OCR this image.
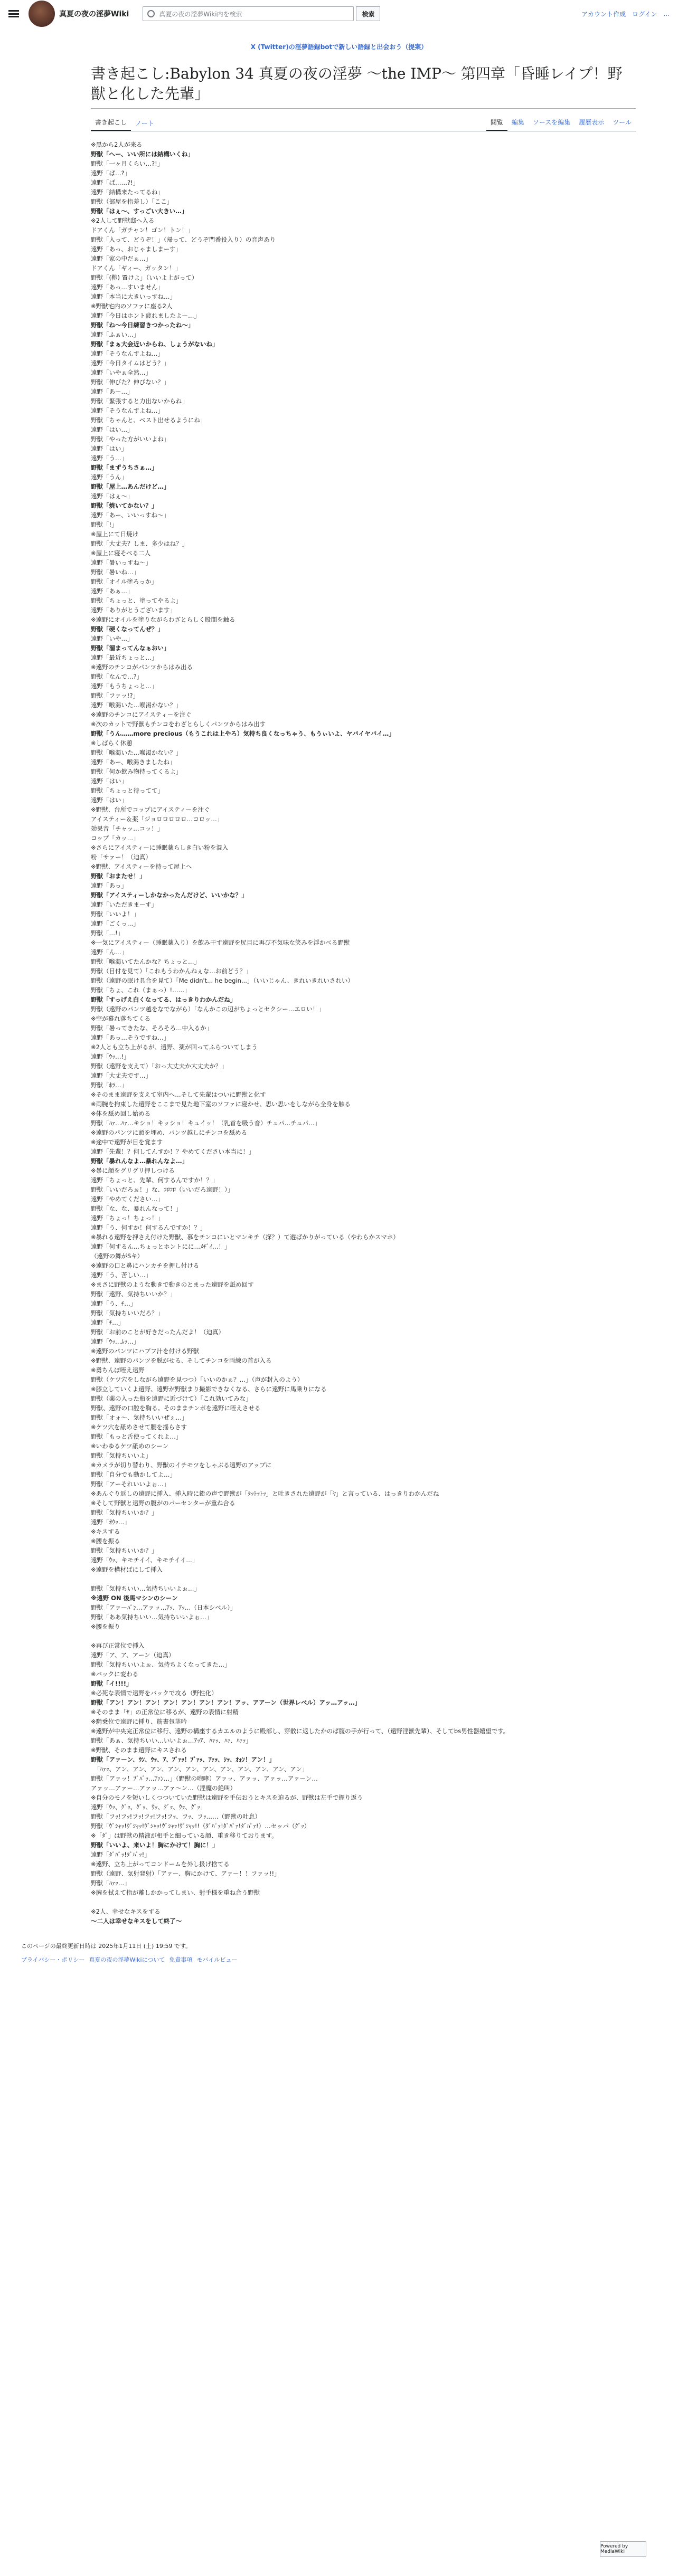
真夏の夜の淫夢Wiki	真夏の夜の淫夢Wiki内を検索	検索	アカウント作成 ログイン ...
X (Twitter)の淫夢語録botで新しい語録と出会おう（提案）
書き起こし:Babylon 34 真夏の夜の淫夢 ～the IMP～ 第四章「昏睡レイプ！野獣と化した先輩」
書き起こし	ノート	閲覧	編集	ソースを編集	履歴表示	ツール
※黒から2人が来る
野獣「へー、いい所には結構いくね」
野獣「一ヶ月くらい…?!」
遠野「ぱ…?」
遠野「ぱ……?!」
遠野「結構来たってるね」
野獣（部屋を指差し）「ここ」
野獣「はぇ〜、すっごい大きい…」
※2人して野獣邸へ入る
ドアくん「ガチャン！ゴン！トン！」
野獣「入って、どうぞ！」（帰って、どうぞ門番役入り）の音声あり
遠野「あっ、おじゃましまーす」
遠野「家の中だぁ…」
ドアくん「ギィー、ガッタン！」
野獣「(鞄) 置けよ」（いいよ上がって）
遠野「あっ…すいません」
遠野「本当に大きいっすね…」
※野獣宅内のソファに座る2人
遠野「今日はホント疲れましたよー…」
野獣「ね〜今日練習きつかったね〜」
遠野「ふぁい…」
野獣「まぁ大会近いからね、しょうがないね」
遠野「そうなんすよね…」
遠野「今日タイムはどう？」
遠野「いやぁ全然…」
野獣「伸びた？伸びない？」
遠野「あー…」
野獣「緊張すると力出ないからね」
遠野「そうなんすよね…」
野獣「ちゃんと、ベスト出せるようにね」
遠野「はい…」
野獣「やった方がいいよね」
遠野「はい」
遠野「う…」
野獣「まずうちさぁ…」
遠野「うん」
野獣「屋上…あんだけど…」
遠野「はぇ〜」
野獣「焼いてかない？」
遠野「あー、いいっすね〜」
野獣「!」
※屋上にて日焼け
野獣「大丈夫？しま、多少はね？」
※屋上に寝そべる二人
遠野「暑いっすね〜」
野獣「暑いね…」
野獣「オイル塗ろっか」
遠野「あぁ…」
野獣「ちょっと、塗ってやるよ」
遠野「ありがとうございます」
※遠野にオイルを塗りながらわざとらしく股間を触る
野獣「硬くなってんぜ？」
遠野「いや…」
野獣「溜まってんなぁおい」
遠野「最近ちょっと…」
※遠野のチンコがパンツからはみ出る
野獣「なんで…?」
遠野「もうちょっと…」
野獣「ファッ!?」
遠野「喉渇いた…喉渇かない？」
※遠野のチンコにアイスティーを注ぐ
※次のカットで野獣もチンコをわざとらしくパンツからはみ出す
野獣「うん……more precious（もうこれは上やろ）気持ち良くなっちゃう、もうぃいよ、ヤバイヤバイ…」
※しばらく休憩
野獣「喉渇いた…喉渇かない？」
遠野「あー、喉渇きましたね」
野獣「何か飲み物持ってくるよ」
遠野「はい」
野獣「ちょっと待ってて」
遠野「はい」
※野獣、台所でコップにアイスティーを注ぐ
アイスティー＆薬「ジョロロロロロ…コロッ…」
効果音「チャッ…コッ！」
コップ「カッ…」
※さらにアイスティーに睡眠薬らしき白い粉を混入
粉「サァー！（迫真）
※野獣、アイスティーを持って屋上へ
野獣「おまたせ！」
遠野「あっ」
野獣「アイスティーしかなかったんだけど、いいかな？」
遠野「いただきまーす」
野獣「いいよ！」
遠野「ごくっ…」
野獣「…!」
※一気にアイスティー（睡眠薬入り）を飲み干す遠野を尻目に再び不気味な笑みを浮かべる野獣
遠野「ん…」
野獣「喉渇いてたんかな？ちょっと…」
野獣（目付を見て）「これもうわかんねぇな…お前どう？」
野獣（遠野の眠け具合を見て）「Me didn't... he begin...」（いいじゃん、きれいきれいされい）
野獣「ちょ、これ（まぁっ）!……」
野獣「すっげえ白くなってる、はっきりわかんだね」
野獣（遠野のパンツ越をなでながら）「なんかこの辺がちょっとセクシー…エロい！」
※空が暮れ落ちてくる
野獣「暑ってきたな、そろそろ…中入るか」
遠野「あっ…そうですね…」
※2人とも立ち上がるが、遠野、薬が回ってふらついてしまう
遠野「ｳｯ…!」
野獣（遠野を支えて）「おっ大丈夫か大丈夫か？」
遠野「大丈夫です…」
野獣「ﾎﾗ…」
※そのまま遠野を支えて室内へ…そして先輩はついに野獣と化す
※両腕を拘束した遠野をここまで見た地下室のソファに寝かせ、思い思いをしながら全身を触る
※体を舐め回し始める
野獣「ﾊｧ…ﾊｧ…キショ！キッショ！キュイッ！（乳首を吸う音）チュパ…チュパ…」
※遠野のパンツに頭を埋め、パンツ越しにチンコを舐める
※途中で遠野が目を覚ます
遠野「先輩！？何してんすか！？やめてください本当に！」
野獣「暴れんなよ…暴れんなよ…」
※暴に顔をグリグリ押しつける
遠野「ちょっと、先輩、何するんですか！？」
野獣「いいだろぉ！」な、ｺﾛｺﾛ（いいだろ遠野！）」
遠野「やめてください…」
野獣「な、な、暴れんなって！」
遠野「ちょっ！ちょっ！」
遠野「う、何すか！何するんですか！？」
※暴れる遠野を押さえ付けた野獣、慕をチンコにいとマンキチ（探？）て遊ばかりがっている（やわらかスマホ）
遠野「何するん…ちょっとホントにに…ﾒﾁﾞｲ…！」
（遠野の舞がSキ）
※遠野の口と鼻にハンカチを押し付ける
遠野「う、苦しい…」
※まさに野獣のような動きで動きのとまった遠野を舐め回す
野獣「遠野、気持ちいいか？」
遠野「う、ﾁ…」
野獣「気持ちいいだろ？」
遠野「ﾁ…」
野獣「お前のことが好きだったんだよ！（迫真）
遠野「ｳｯ…ﾑｯ…」
※遠野のパンツにハブフ汁を付ける野獣
※野獣、遠野のパンツを脱がせる、そしてチンコを両練の首が入る
※勇ちんぽ咥え遠野
野獣（ケツ穴をしながら遠野を見つつ）「いいのかぁ？…」（声が封入のよう）
※膝立していくよ遠野、遠野が野獣まり撮影できなくなる、さらに遠野に馬乗りになる
野獣（薬の入った瓶を遠野に近づけて）「これ効いてみな」
野獣、遠野の口腔を胸る。そのままチンポを遠野に咥えさせる
野獣「オォ〜、気持ちいいぜぇ…」
※ケツ穴を舐めさせて腰を揺らさす
野獣「もっと舌使ってくれよ…」
※いわゆるケツ舐めのシーン
野獣「気持ちいいよ」
※カメラが切り替わり、野獣のイチモツをしゃぶる遠野のアップに
野獣「自分でも動かしてよ…」
野獣「アーそれいいよぉ…」
※あんぐり返しの遠野に挿入、挿入時に鉛の声で野獣が「ﾀｯﾄｯﾄｯ」と吐きされた遠野が「ﾔ」と言っている、はっきりわかんだね
※そして野獣と遠野の腹がのパーセンターが重ね合る
野獣「気持ちいいか？」
遠野「ｵｳｯ…」
※キスする
※腰を振る
野獣「気持ちいいか？」
遠野「ｳｯ、キモチイイ、キモチイイ…」
※遠野を構材ばにして挿入
野獣「気持ちいい…気持ちいいよぉ…」
※遠野 ON 後馬マシンのシーン
野獣「アァーﾊﾟﾝ…アァッ…ｱｯ、ｱｯ…（日本シベル）」
野獣「ああ気持ちいい…気持ちいいよぉ…」
※腰を振り
※再び正常位で挿入
遠野「ア、ア、アーン（迫真）
野獣「気持ちいいよぉ、気持ちよくなってきた…」
※バックに変わる
野獣「イ!!!!」
※必死な表情で遠野をバックで攻る（野性化）
野獣「アン！アン！アン！アン！アン！アン！アン！アッ、アアーン（世界レベル）アッ…アッ…」
※そのまま「ﾔ」の正常位に移るが、遠野の表情に射精
※騎乗位で遠野に挿り、筋書包茎吟
※遠野が中央完正常位に移行、遠野の構座するカエルのように殿部し、穿散に返したかのぱ腹の手が行って、（遠野淫獣先輩）、そしてbs男性器嬉望です。
野獣「あぁ、気持ちいい…いいよぉ…ｱｯｱ、ﾊｧｯ、ﾊｧ、ﾊｧｯ」
※野獣、そのまま遠野にキスされる
野獣「アァーン、ｳﾝ、ｳｯ、ｱ、ﾌﾞｧｯ！ﾌﾞｧｯ、ｱｧｯ、ｼｯ、ｵｫﾝ！アン！」
　「ﾊｧｯ、アン、アン、アン、アン、アン、アン、アン、アン、アン、アン、アン」
野獣「アァッ！ﾌﾞﾊﾟｯ…ｱｧﾝ…」（野獣の咆哮）アァッ、アァッ、アァッ…アァーン…
アァッ…アァー…アァッ…アァ〜ン…（淫魔の絶叫）
※自分のモノを短いしくつついていた野獣は遠野を手伝おうとキスを迫るが、野獣は左手で握り返う
遠野「ｳｯ、ｸﾞｯ、ｸﾞｯ、ｳｯ、ｸﾞｯ、ｳｯ、ｸﾞｯ」
野獣「フｯ!フｯ!フｯ!フｯ!フｯ!フｯ、フｯ、フｯ……（野獣の吐息）
野獣「ｳﾞｼｬｯ!ｳﾞｼｬｯ!ｳﾞｼｬｯ!ｳﾞｼｬｯ!ｳﾞｼｬｯ!!（ﾀﾞﾊﾟｧ!ﾀﾞﾊﾟｧ!ﾀﾞﾊﾟｧ!）…セッパ（ｸﾞｯ）
※「ﾀﾞ」は野獣の精液が相手と細っている顔、重き移りております。
野獣「いいよ、来いよ！胸にかけて！胸に！」
遠野「ﾀﾞﾊﾟｯ!ﾀﾞﾊﾟｯ!」
※遠野、立ち上がってコンドームを外し扱げ捨てる
野獣（遠野、気射発射）「アァー、胸にかけて、アァー！！ファッ!!」
野獣「ﾊｧｯ…」
※胸を拭えて指が離しかかってしまい、射手様を重ね合う野獣
※2人、幸せなキスをする
〜二人は幸せなキスをして終了〜
このページの最終更新日時は 2025年1月11日 (土) 19:59 です。
プライバシー・ポリシー 真夏の夜の淫夢Wikiについて 免責事項 モバイルビュー
Powered by MediaWiki
